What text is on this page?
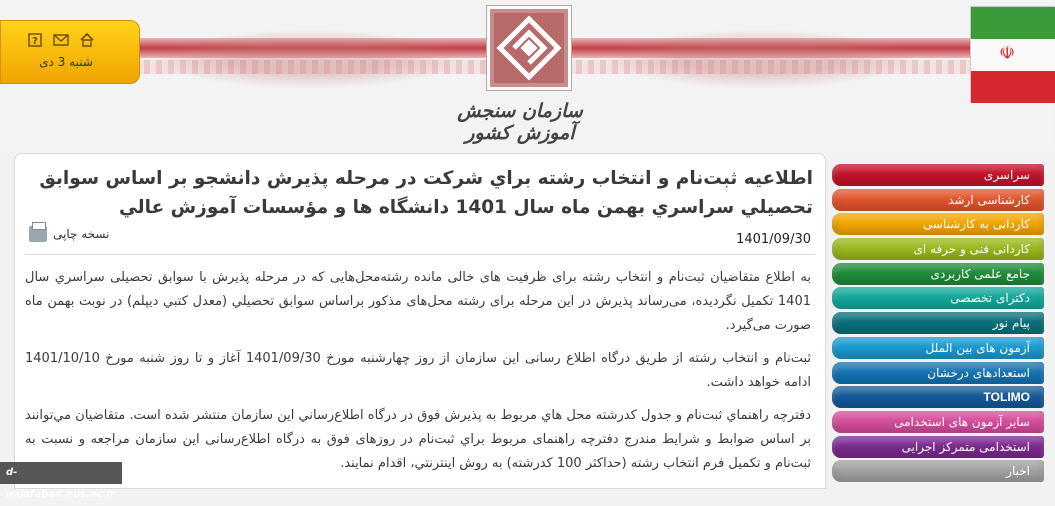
سازمان سنجش آموزش کشور
?
شنبه 3 دی	☫
اطلاعيه ثبت‌نام و انتخاب رشته براي شركت در مرحله پذيرش دانشجو بر اساس سوابق تحصيلي سراسري بهمن ماه سال 1401 دانشگاه ها و مؤسسات آموزش عالي
نسخه چاپی	1401/09/30

به اطلاع متقاضیان ثبت‌نام و انتخاب رشته برای ظرفیت های خالی مانده رشته‌محل‌هایی که در مرحله پذیرش با سوابق تحصیلی سراسري سال 1401 تکمیل نگردیده، می‌رساند پذیرش در این مرحله برای رشته محل‌های مذکور براساس سوابق تحصيلي (معدل كتبي ديپلم) در نوبت بهمن ماه صورت می‌گیرد.

ثبت‌نام و انتخاب رشته از طریق درگاه اطلاع رسانی این سازمان از روز چهارشنبه مورخ 1401/09/30 آغاز و تا روز شنبه مورخ 1401/10/10 ادامه خواهد داشت.

دفترچه راهنماي ثبت‌نام و جدول كدرشته محل هاي مربوط به پذيرش فوق در درگاه اطلاع‌رساني اين سازمان منتشر شده است. متقاضيان مي‌توانند بر اساس ضوابط و شرایط مندرج دفترچه راهنمای مربوط براي ثبت‌نام در روزهای فوق به درگاه اطلاع‌رسانی این سازمان مراجعه و نسبت به ثبت‌نام و تكميل فرم انتخاب رشته (حداكثر 100 كدرشته) به روش اينترنتي، اقدام نمايند.

سراسری
کارشناسی ارشد
کاردانی به کارشناسی
کاردانی فنی و حرفه ای
جامع علمی کاربردی
دکترای تخصصی
پیام نور
آزمون های بین الملل
استعدادهای درخشان
TOLIMO
سایر آزمون های استخدامی
استخدامی متمرکز اجرایی
اخبار
d-najafabad.nus.ac.ir
